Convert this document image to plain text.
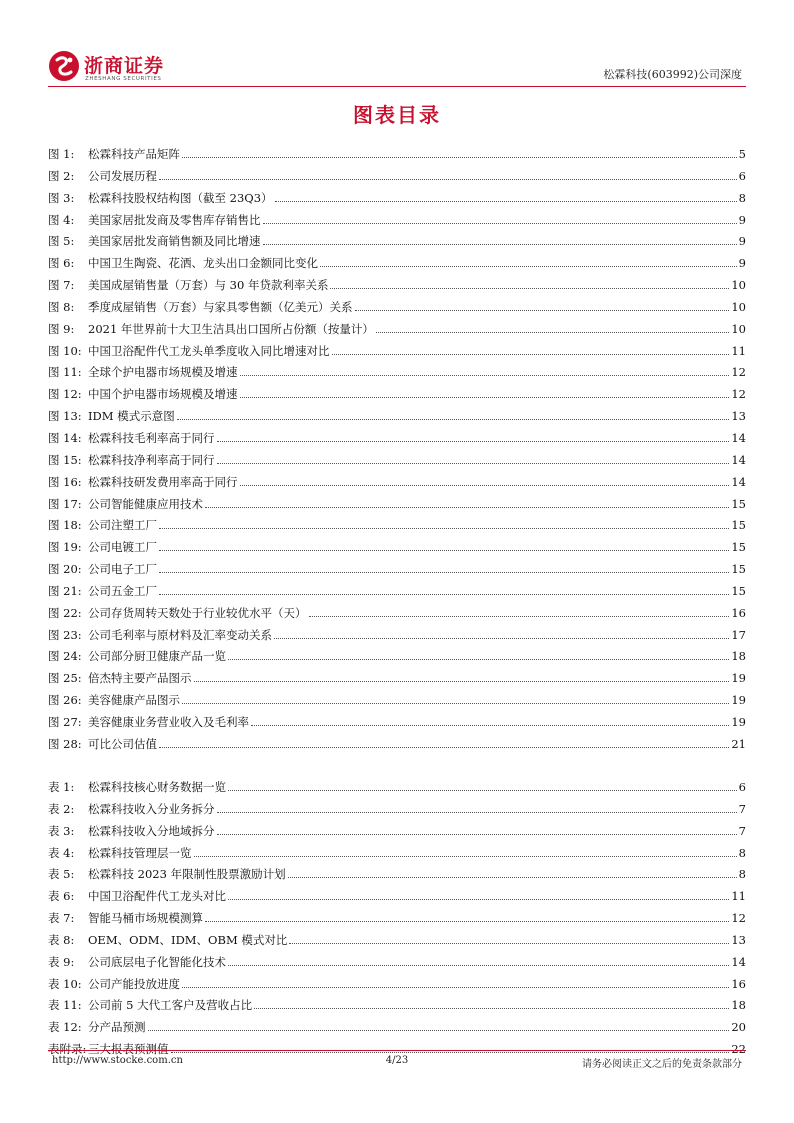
浙商证券
ZHESHANG SECURITIES	松霖科技(603992)公司深度
图表目录
图 1:	松霖科技产品矩阵	5
图 2:	公司发展历程	6
图 3:	松霖科技股权结构图（截至 23Q3）	8
图 4:	美国家居批发商及零售库存销售比	9
图 5:	美国家居批发商销售额及同比增速	9
图 6:	中国卫生陶瓷、花洒、龙头出口金额同比变化	9
图 7:	美国成屋销售量（万套）与 30 年贷款利率关系	10
图 8:	季度成屋销售（万套）与家具零售额（亿美元）关系	10
图 9:	2021 年世界前十大卫生洁具出口国所占份额（按量计）	10
图 10: 中国卫浴配件代工龙头单季度收入同比增速对比	11
图 11: 全球个护电器市场规模及增速	12
图 12: 中国个护电器市场规模及增速	12
图 13: IDM 模式示意图	13
图 14: 松霖科技毛利率高于同行	14
图 15: 松霖科技净利率高于同行	14
图 16: 松霖科技研发费用率高于同行	14
图 17: 公司智能健康应用技术	15
图 18: 公司注塑工厂	15
图 19: 公司电镀工厂	15
图 20: 公司电子工厂	15
图 21: 公司五金工厂	15
图 22: 公司存货周转天数处于行业较优水平（天）	16
图 23: 公司毛利率与原材料及汇率变动关系	17
图 24: 公司部分厨卫健康产品一览	18
图 25: 倍杰特主要产品图示	19
图 26: 美容健康产品图示	19
图 27: 美容健康业务营业收入及毛利率	19
图 28: 可比公司估值	21
表 1:	松霖科技核心财务数据一览	6
表 2:	松霖科技收入分业务拆分	7
表 3:	松霖科技收入分地域拆分	7
表 4:	松霖科技管理层一览	8
表 5:	松霖科技 2023 年限制性股票激励计划	8
表 6:	中国卫浴配件代工龙头对比	11
表 7:	智能马桶市场规模测算	12
表 8:	OEM、ODM、IDM、OBM 模式对比	13
表 9:	公司底层电子化智能化技术	14
表 10: 公司产能投放进度	16
表 11: 公司前 5 大代工客户及营收占比	18
表 12: 分产品预测	20
表附录: 三大报表预测值	22
http://www.stocke.com.cn	4/23	请务必阅读正文之后的免责条款部分
